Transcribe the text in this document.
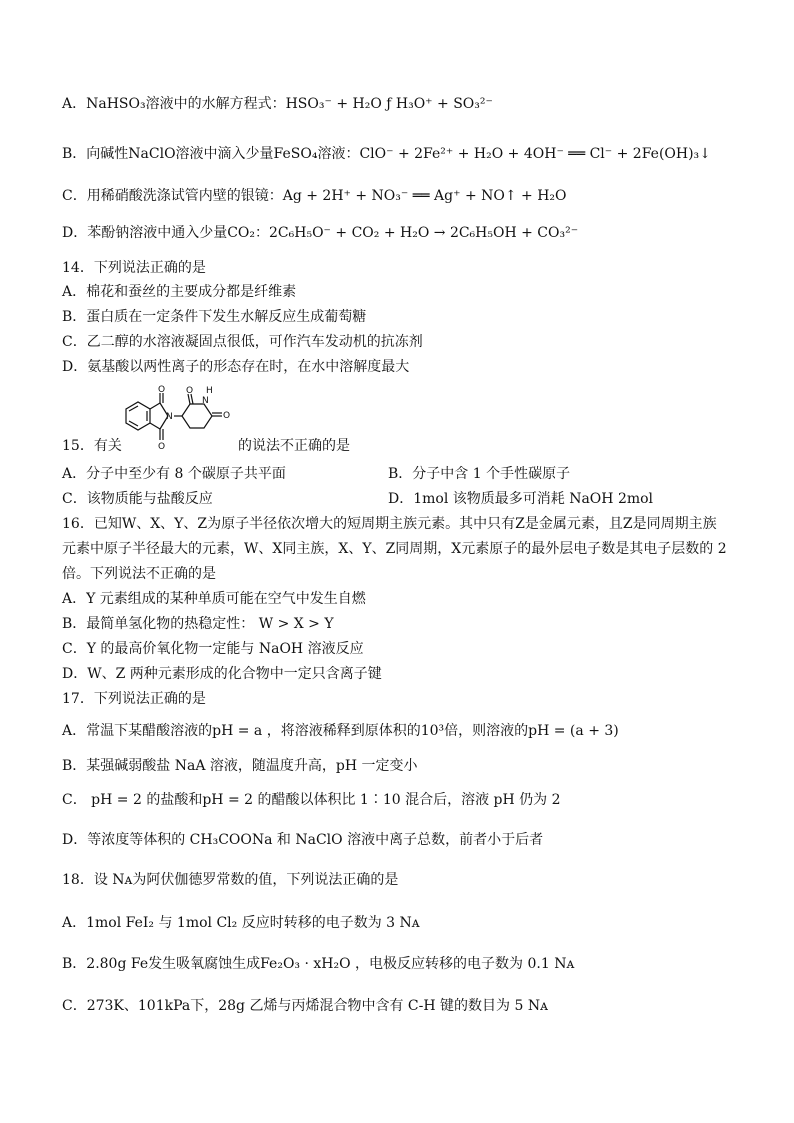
A．NaHSO₃溶液中的水解方程式：HSO₃⁻ + H₂O ƒ H₃O⁺ + SO₃²⁻
B．向碱性NaClO溶液中滴入少量FeSO₄溶液：ClO⁻ + 2Fe²⁺ + H₂O + 4OH⁻ ══ Cl⁻ + 2Fe(OH)₃↓
C．用稀硝酸洗涤试管内壁的银镜：Ag + 2H⁺ + NO₃⁻ ══ Ag⁺ + NO↑ + H₂O
D．苯酚钠溶液中通入少量CO₂：2C₆H₅O⁻ + CO₂ + H₂O → 2C₆H₅OH + CO₃²⁻
14．下列说法正确的是
A．棉花和蚕丝的主要成分都是纤维素
B．蛋白质在一定条件下发生水解反应生成葡萄糖
C．乙二醇的水溶液凝固点很低，可作汽车发动机的抗冻剂
D．氨基酸以两性离子的形态存在时，在水中溶解度最大
O
O
N
O
O
N
H
15．有关	的说法不正确的是
A．分子中至少有 8 个碳原子共平面	B．分子中含 1 个手性碳原子
C．该物质能与盐酸反应	D．1mol 该物质最多可消耗 NaOH 2mol
16．已知W、X、Y、Z为原子半径依次增大的短周期主族元素。其中只有Z是金属元素，且Z是同周期主族
元素中原子半径最大的元素，W、X同主族，X、Y、Z同周期，X元素原子的最外层电子数是其电子层数的 2
倍。下列说法不正确的是
A．Y 元素组成的某种单质可能在空气中发生自燃
B．最简单氢化物的热稳定性： W > X > Y
C．Y 的最高价氧化物一定能与 NaOH 溶液反应
D．W、Z 两种元素形成的化合物中一定只含离子键
17．下列说法正确的是
A．常温下某醋酸溶液的pH = a ，将溶液稀释到原体积的10³倍，则溶液的pH = (a + 3)
B．某强碱弱酸盐 NaA 溶液，随温度升高，pH 一定变小
C． pH = 2 的盐酸和pH = 2 的醋酸以体积比 1∶10 混合后，溶液 pH 仍为 2
D．等浓度等体积的 CH₃COONa 和 NaClO 溶液中离子总数，前者小于后者
18．设 Nᴀ为阿伏伽德罗常数的值，下列说法正确的是
A．1mol FeI₂ 与 1mol Cl₂ 反应时转移的电子数为 3 Nᴀ
B．2.80g Fe发生吸氧腐蚀生成Fe₂O₃ · xH₂O ，电极反应转移的电子数为 0.1 Nᴀ
C．273K、101kPa下，28g 乙烯与丙烯混合物中含有 C-H 键的数目为 5 Nᴀ
